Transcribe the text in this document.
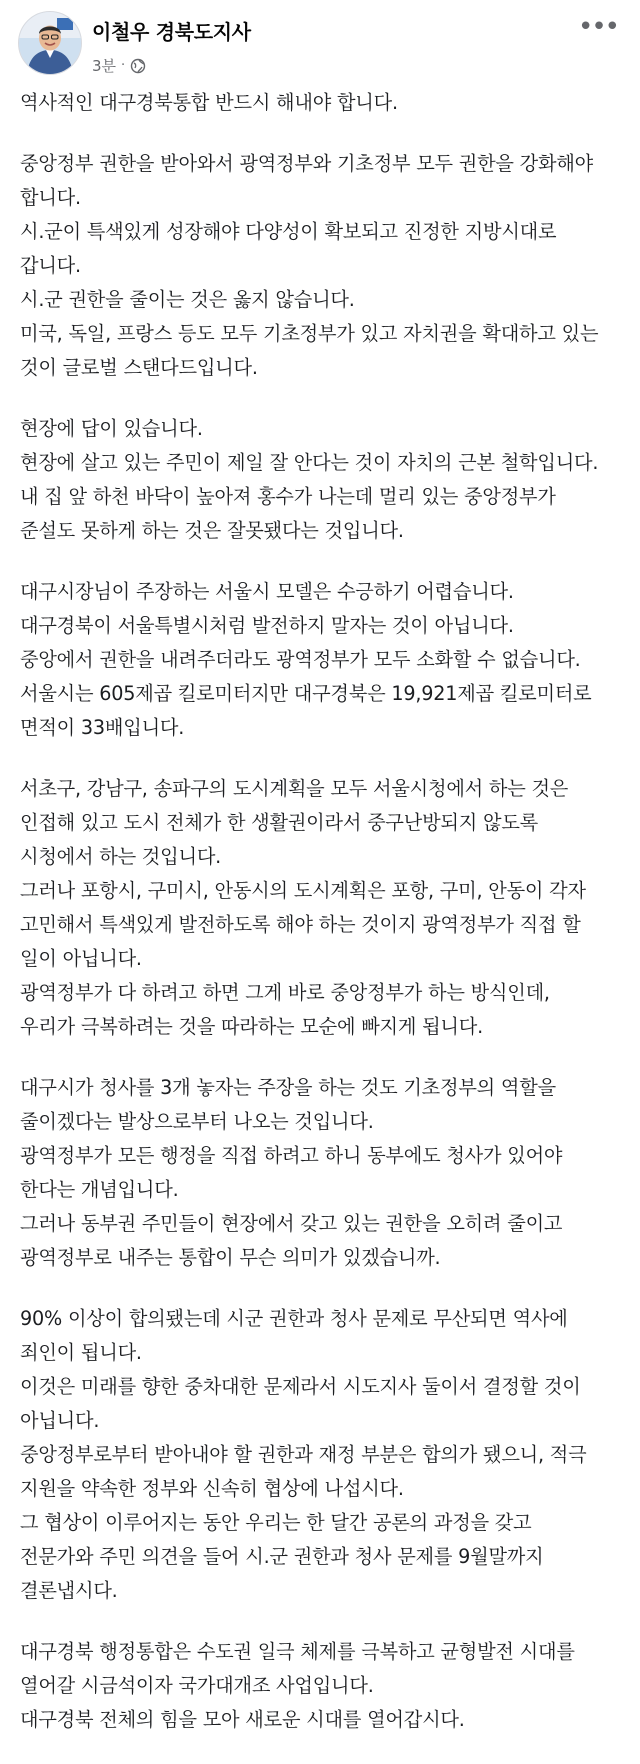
이철우 경북도지사
3분 ·
•••
역사적인 대구경북통합 반드시 해내야 합니다.
중앙정부 권한을 받아와서 광역정부와 기초정부 모두 권한을 강화해야
합니다.
시.군이 특색있게 성장해야 다양성이 확보되고 진정한 지방시대로
갑니다.
시.군 권한을 줄이는 것은 옳지 않습니다.
미국, 독일, 프랑스 등도 모두 기초정부가 있고 자치권을 확대하고 있는
것이 글로벌 스탠다드입니다.
현장에 답이 있습니다.
현장에 살고 있는 주민이 제일 잘 안다는 것이 자치의 근본 철학입니다.
내 집 앞 하천 바닥이 높아져 홍수가 나는데 멀리 있는 중앙정부가
준설도 못하게 하는 것은 잘못됐다는 것입니다.
대구시장님이 주장하는 서울시 모델은 수긍하기 어렵습니다.
대구경북이 서울특별시처럼 발전하지 말자는 것이 아닙니다.
중앙에서 권한을 내려주더라도 광역정부가 모두 소화할 수 없습니다.
서울시는 605제곱 킬로미터지만 대구경북은 19,921제곱 킬로미터로
면적이 33배입니다.
서초구, 강남구, 송파구의 도시계획을 모두 서울시청에서 하는 것은
인접해 있고 도시 전체가 한 생활권이라서 중구난방되지 않도록
시청에서 하는 것입니다.
그러나 포항시, 구미시, 안동시의 도시계획은 포항, 구미, 안동이 각자
고민해서 특색있게 발전하도록 해야 하는 것이지 광역정부가 직접 할
일이 아닙니다.
광역정부가 다 하려고 하면 그게 바로 중앙정부가 하는 방식인데,
우리가 극복하려는 것을 따라하는 모순에 빠지게 됩니다.
대구시가 청사를 3개 놓자는 주장을 하는 것도 기초정부의 역할을
줄이겠다는 발상으로부터 나오는 것입니다.
광역정부가 모든 행정을 직접 하려고 하니 동부에도 청사가 있어야
한다는 개념입니다.
그러나 동부권 주민들이 현장에서 갖고 있는 권한을 오히려 줄이고
광역정부로 내주는 통합이 무슨 의미가 있겠습니까.
90% 이상이 합의됐는데 시군 권한과 청사 문제로 무산되면 역사에
죄인이 됩니다.
이것은 미래를 향한 중차대한 문제라서 시도지사 둘이서 결정할 것이
아닙니다.
중앙정부로부터 받아내야 할 권한과 재정 부분은 합의가 됐으니, 적극
지원을 약속한 정부와 신속히 협상에 나섭시다.
그 협상이 이루어지는 동안 우리는 한 달간 공론의 과정을 갖고
전문가와 주민 의견을 들어 시.군 권한과 청사 문제를 9월말까지
결론냅시다.
대구경북 행정통합은 수도권 일극 체제를 극복하고 균형발전 시대를
열어갈 시금석이자 국가대개조 사업입니다.
대구경북 전체의 힘을 모아 새로운 시대를 열어갑시다.
